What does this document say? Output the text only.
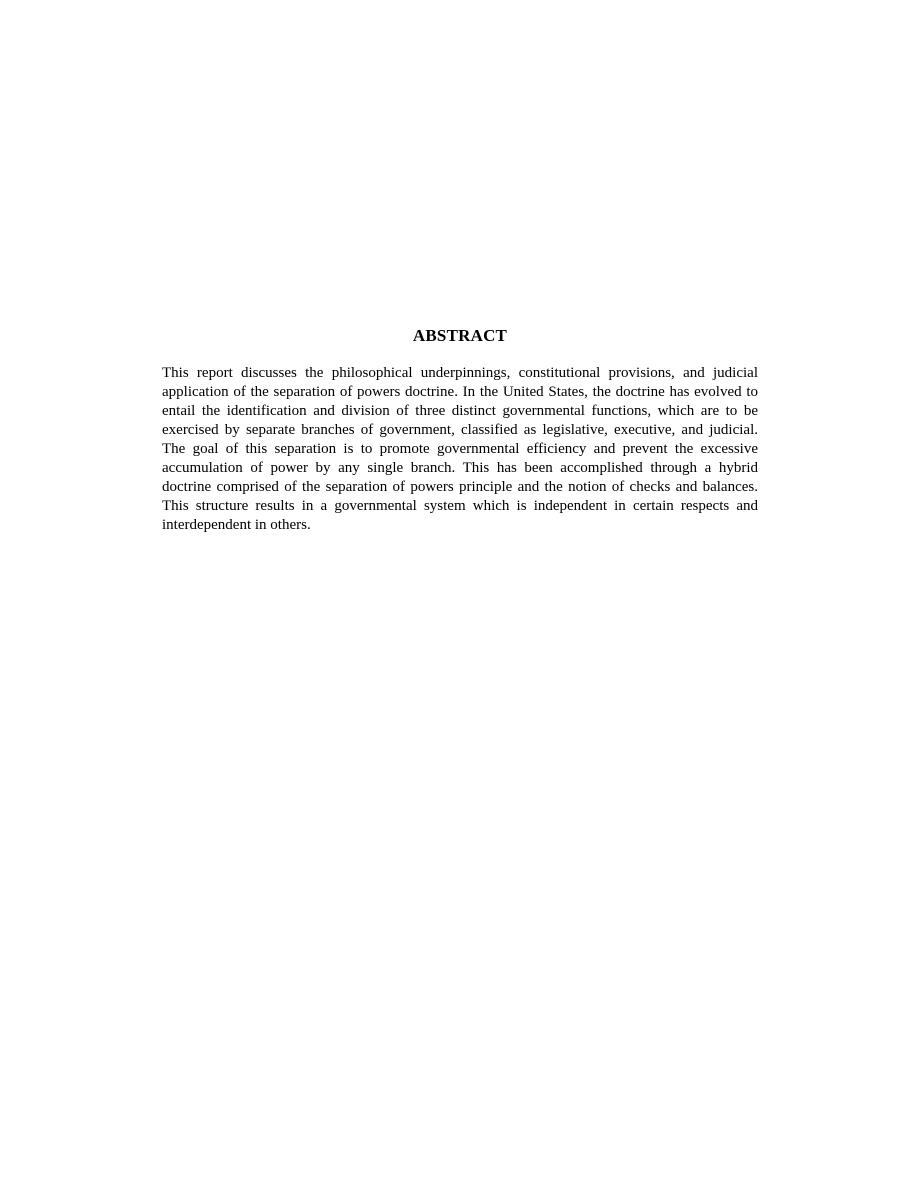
ABSTRACT

This report discusses the philosophical underpinnings, constitutional provisions, and judicial application of the separation of powers doctrine. In the United States, the doctrine has evolved to entail the identification and division of three distinct governmental functions, which are to be exercised by separate branches of government, classified as legislative, executive, and judicial. The goal of this separation is to promote governmental efficiency and prevent the excessive accumulation of power by any single branch. This has been accomplished through a hybrid doctrine comprised of the separation of powers principle and the notion of checks and balances. This structure results in a governmental system which is independent in certain respects and interdependent in others.
